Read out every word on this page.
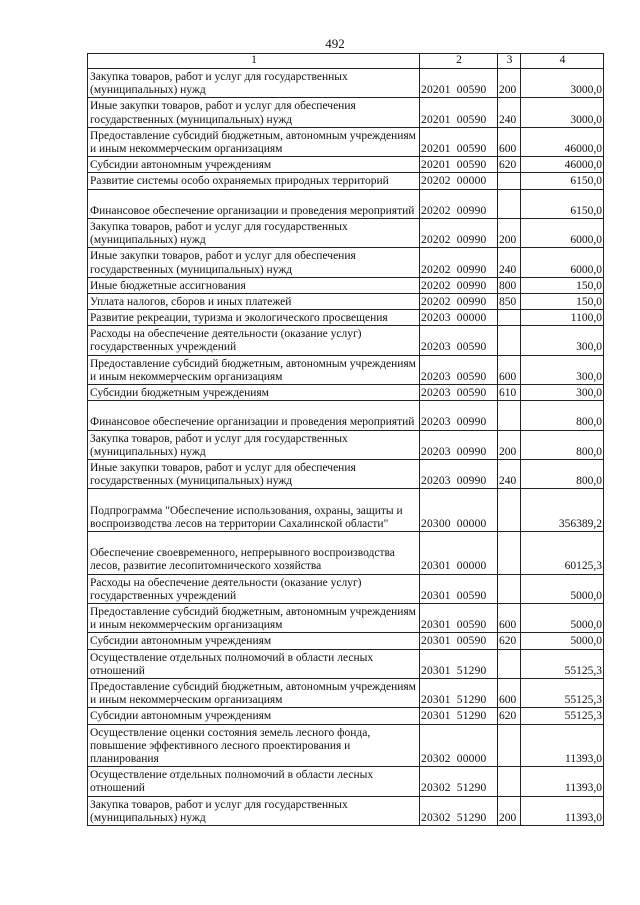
492
1	2	3	4
Закупка товаров, работ и услуг для государственных (муниципальных) нужд	20201 00590	200	3000,0
Иные закупки товаров, работ и услуг для обеспечения государственных (муниципальных) нужд	20201 00590	240	3000,0
Предоставление субсидий бюджетным, автономным учреждениям и иным некоммерческим организациям	20201 00590	600	46000,0
Субсидии автономным учреждениям	20201 00590	620	46000,0
Развитие системы особо охраняемых природных территорий	20202 00000		6150,0
Финансовое обеспечение организации и проведения мероприятий	20202 00990		6150,0
Закупка товаров, работ и услуг для государственных (муниципальных) нужд	20202 00990	200	6000,0
Иные закупки товаров, работ и услуг для обеспечения государственных (муниципальных) нужд	20202 00990	240	6000,0
Иные бюджетные ассигнования	20202 00990	800	150,0
Уплата налогов, сборов и иных платежей	20202 00990	850	150,0
Развитие рекреации, туризма и экологического просвещения	20203 00000		1100,0
Расходы на обеспечение деятельности (оказание услуг) государственных учреждений	20203 00590		300,0
Предоставление субсидий бюджетным, автономным учреждениям и иным некоммерческим организациям	20203 00590	600	300,0
Субсидии бюджетным учреждениям	20203 00590	610	300,0
Финансовое обеспечение организации и проведения мероприятий	20203 00990		800,0
Закупка товаров, работ и услуг для государственных (муниципальных) нужд	20203 00990	200	800,0
Иные закупки товаров, работ и услуг для обеспечения государственных (муниципальных) нужд	20203 00990	240	800,0
Подпрограмма "Обеспечение использования, охраны, защиты и воспроизводства лесов на территории Сахалинской области"	20300 00000		356389,2
Обеспечение своевременного, непрерывного воспроизводства лесов, развитие лесопитомнического хозяйства	20301 00000		60125,3
Расходы на обеспечение деятельности (оказание услуг) государственных учреждений	20301 00590		5000,0
Предоставление субсидий бюджетным, автономным учреждениям и иным некоммерческим организациям	20301 00590	600	5000,0
Субсидии автономным учреждениям	20301 00590	620	5000,0
Осуществление отдельных полномочий в области лесных отношений	20301 51290		55125,3
Предоставление субсидий бюджетным, автономным учреждениям и иным некоммерческим организациям	20301 51290	600	55125,3
Субсидии автономным учреждениям	20301 51290	620	55125,3
Осуществление оценки состояния земель лесного фонда, повышение эффективного лесного проектирования и планирования	20302 00000		11393,0
Осуществление отдельных полномочий в области лесных отношений	20302 51290		11393,0
Закупка товаров, работ и услуг для государственных (муниципальных) нужд	20302 51290	200	11393,0
